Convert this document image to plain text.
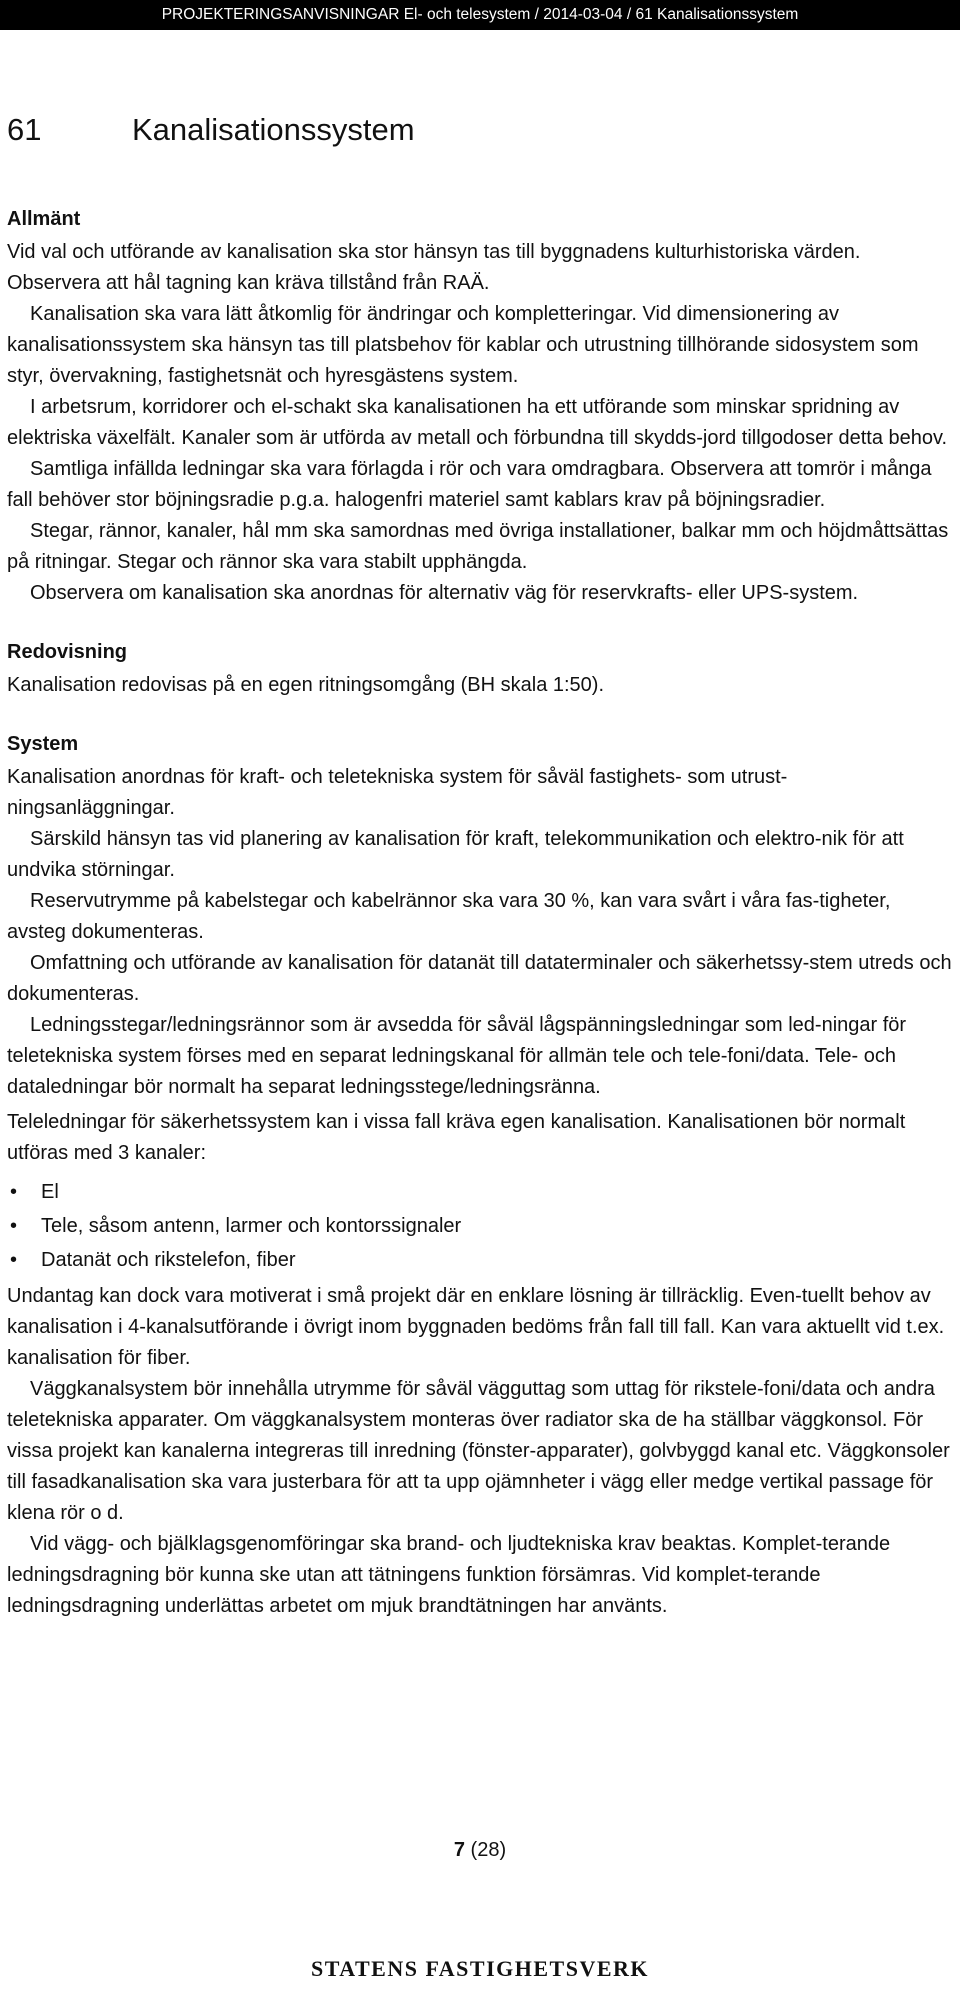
PROJEKTERINGSANVISNINGAR El- och telesystem / 2014-03-04 / 61 Kanalisationssystem
61	Kanalisationssystem

Allmänt

Vid val och utförande av kanalisation ska stor hänsyn tas till byggnadens kulturhistoriska värden. Observera att hål tagning kan kräva tillstånd från RAÄ.

Kanalisation ska vara lätt åtkomlig för ändringar och kompletteringar. Vid dimensionering av kanalisationssystem ska hänsyn tas till platsbehov för kablar och utrustning tillhörande sidosystem som styr, övervakning, fastighetsnät och hyresgästens system.

I arbetsrum, korridorer och el-schakt ska kanalisationen ha ett utförande som minskar spridning av elektriska växelfält. Kanaler som är utförda av metall och förbundna till skydds-jord tillgodoser detta behov.

Samtliga infällda ledningar ska vara förlagda i rör och vara omdragbara. Observera att tomrör i många fall behöver stor böjningsradie p.g.a. halogenfri materiel samt kablars krav på böjningsradier.

Stegar, rännor, kanaler, hål mm ska samordnas med övriga installationer, balkar mm och höjdmåttsättas på ritningar. Stegar och rännor ska vara stabilt upphängda.

Observera om kanalisation ska anordnas för alternativ väg för reservkrafts- eller UPS-system.

Redovisning

Kanalisation redovisas på en egen ritningsomgång (BH skala 1:50).

System

Kanalisation anordnas för kraft- och teletekniska system för såväl fastighets- som utrust-ningsanläggningar.

Särskild hänsyn tas vid planering av kanalisation för kraft, telekommunikation och elektro-nik för att undvika störningar.

Reservutrymme på kabelstegar och kabelrännor ska vara 30 %, kan vara svårt i våra fas-tigheter, avsteg dokumenteras.

Omfattning och utförande av kanalisation för datanät till dataterminaler och säkerhetssy-stem utreds och dokumenteras.

Ledningsstegar/ledningsrännor som är avsedda för såväl lågspänningsledningar som led-ningar för teletekniska system förses med en separat ledningskanal för allmän tele och tele-foni/data. Tele- och dataledningar bör normalt ha separat ledningsstege/ledningsränna.

Teleledningar för säkerhetssystem kan i vissa fall kräva egen kanalisation. Kanalisationen bör normalt utföras med 3 kanaler:

• El
• Tele, såsom antenn, larmer och kontorssignaler
• Datanät och rikstelefon, fiber

Undantag kan dock vara motiverat i små projekt där en enklare lösning är tillräcklig. Even-tuellt behov av kanalisation i 4-kanalsutförande i övrigt inom byggnaden bedöms från fall till fall. Kan vara aktuellt vid t.ex. kanalisation för fiber.

Väggkanalsystem bör innehålla utrymme för såväl vägguttag som uttag för rikstele-foni/data och andra teletekniska apparater. Om väggkanalsystem monteras över radiator ska de ha ställbar väggkonsol. För vissa projekt kan kanalerna integreras till inredning (fönster-apparater), golvbyggd kanal etc. Väggkonsoler till fasadkanalisation ska vara justerbara för att ta upp ojämnheter i vägg eller medge vertikal passage för klena rör o d.

Vid vägg- och bjälklagsgenomföringar ska brand- och ljudtekniska krav beaktas. Komplet-terande ledningsdragning bör kunna ske utan att tätningens funktion försämras. Vid komplet-terande ledningsdragning underlättas arbetet om mjuk brandtätningen har använts.

7 (28)
STATENS FASTIGHETSVERK
